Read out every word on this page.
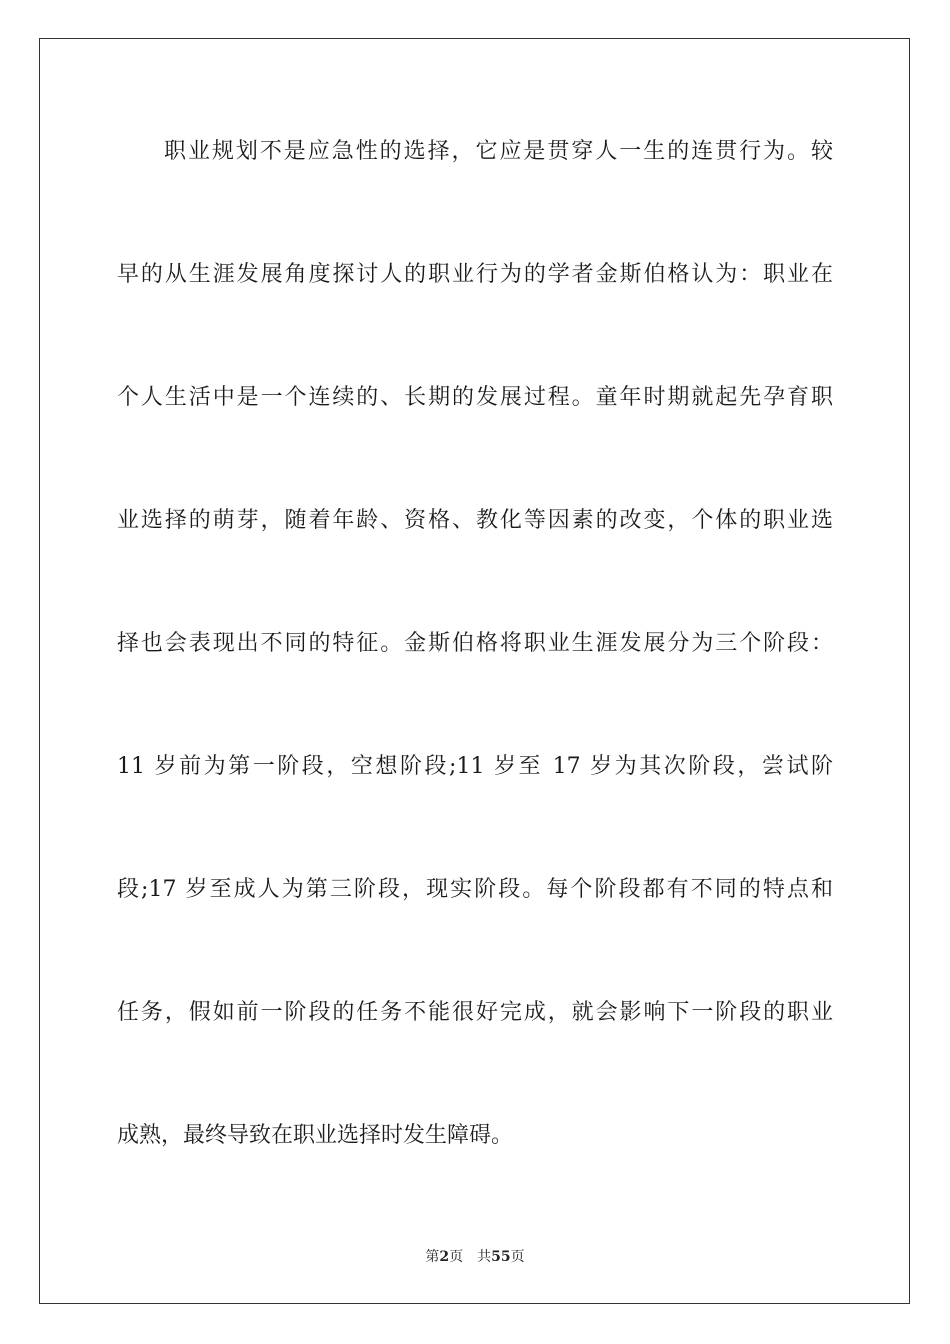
职业规划不是应急性的选择，它应是贯穿人一生的连贯行为。较
早的从生涯发展角度探讨人的职业行为的学者金斯伯格认为：职业在
个人生活中是一个连续的、长期的发展过程。童年时期就起先孕育职
业选择的萌芽，随着年龄、资格、教化等因素的改变，个体的职业选
择也会表现出不同的特征。金斯伯格将职业生涯发展分为三个阶段：
11 岁前为第一阶段，空想阶段;11 岁至 17 岁为其次阶段，尝试阶
段;17 岁至成人为第三阶段，现实阶段。每个阶段都有不同的特点和
任务，假如前一阶段的任务不能很好完成，就会影响下一阶段的职业
成熟，最终导致在职业选择时发生障碍。
第2页 共55页
